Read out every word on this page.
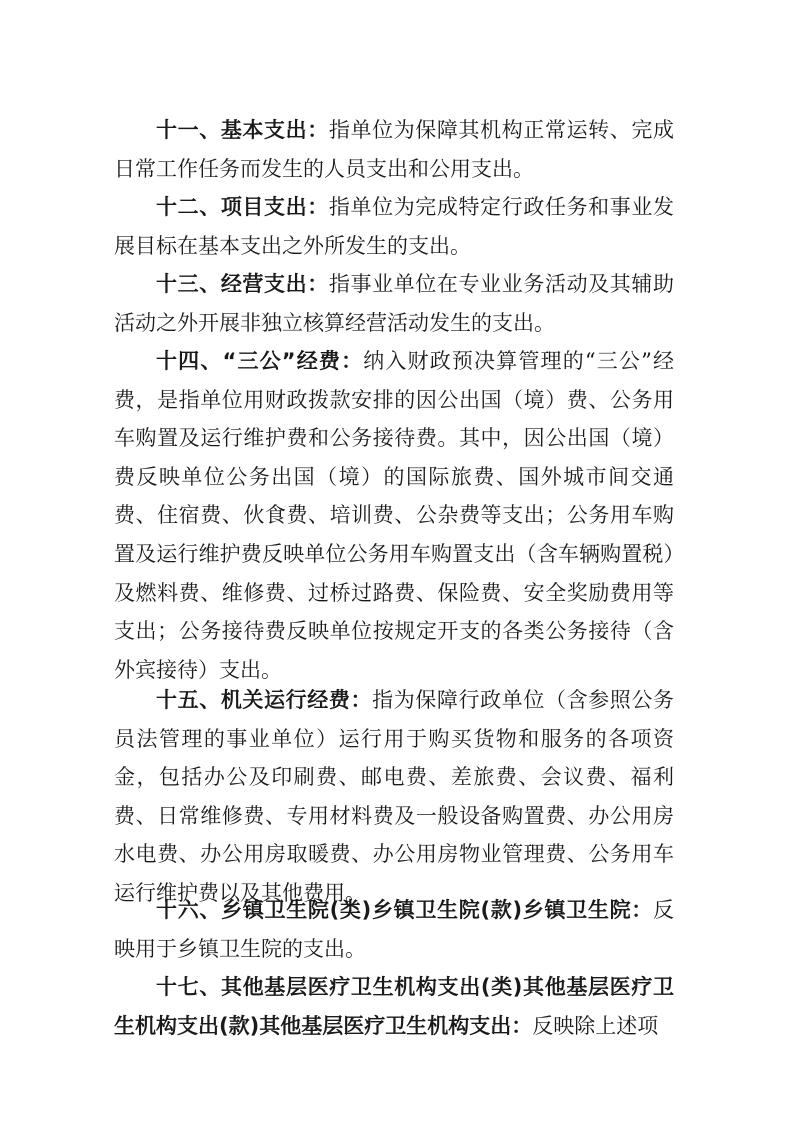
十一、基本支出：指单位为保障其机构正常运转、完成日常工作任务而发生的人员支出和公用支出。

十二、项目支出：指单位为完成特定行政任务和事业发展目标在基本支出之外所发生的支出。

十三、经营支出：指事业单位在专业业务活动及其辅助活动之外开展非独立核算经营活动发生的支出。

十四、“三公”经费：纳入财政预决算管理的“三公”经费，是指单位用财政拨款安排的因公出国（境）费、公务用车购置及运行维护费和公务接待费。其中，因公出国（境）费反映单位公务出国（境）的国际旅费、国外城市间交通费、住宿费、伙食费、培训费、公杂费等支出；公务用车购置及运行维护费反映单位公务用车购置支出（含车辆购置税）及燃料费、维修费、过桥过路费、保险费、安全奖励费用等支出；公务接待费反映单位按规定开支的各类公务接待（含外宾接待）支出。

十五、机关运行经费：指为保障行政单位（含参照公务员法管理的事业单位）运行用于购买货物和服务的各项资金，包括办公及印刷费、邮电费、差旅费、会议费、福利费、日常维修费、专用材料费及一般设备购置费、办公用房水电费、办公用房取暖费、办公用房物业管理费、公务用车运行维护费以及其他费用。

十六、乡镇卫生院(类)乡镇卫生院(款)乡镇卫生院：反映用于乡镇卫生院的支出。

十七、其他基层医疗卫生机构支出(类)其他基层医疗卫生机构支出(款)其他基层医疗卫生机构支出：反映除上述项
